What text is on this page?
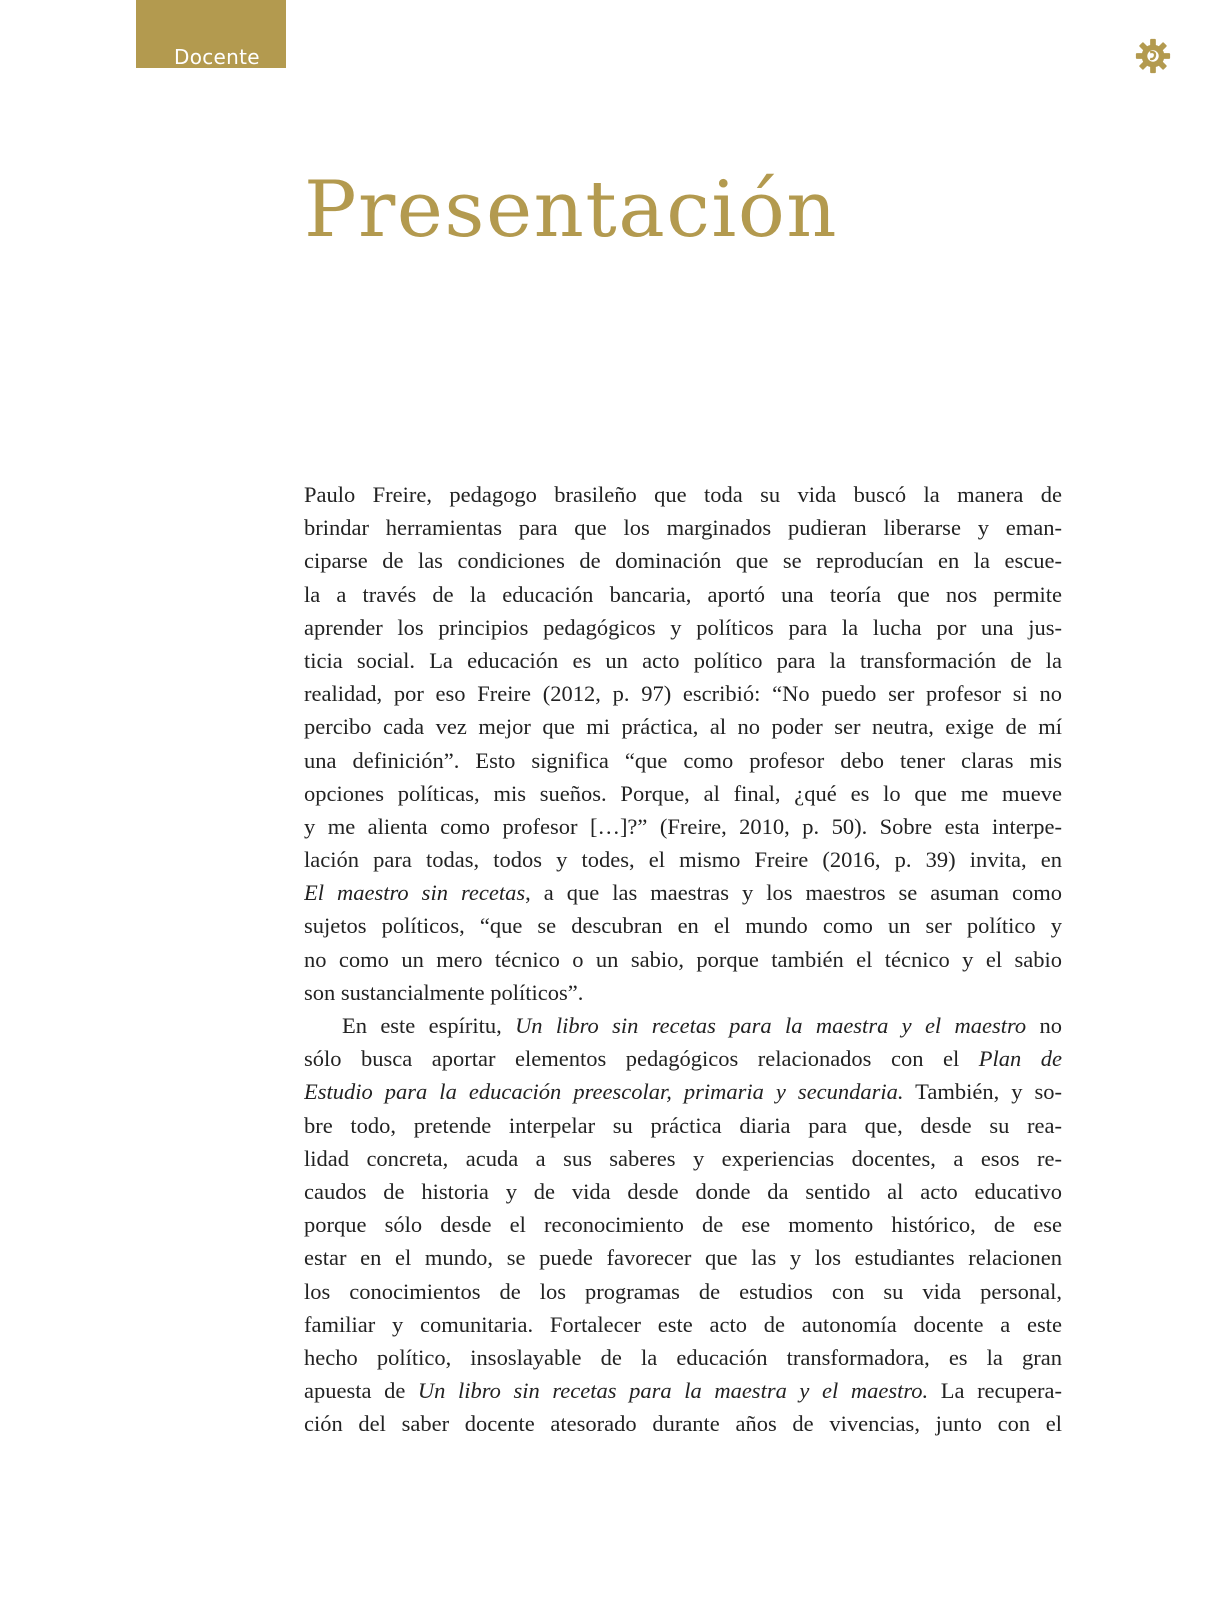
Docente
Presentación
Paulo Freire, pedagogo brasileño que toda su vida buscó la manera de
brindar herramientas para que los marginados pudieran liberarse y eman-
ciparse de las condiciones de dominación que se reproducían en la escue-
la a través de la educación bancaria, aportó una teoría que nos permite
aprender los principios pedagógicos y políticos para la lucha por una jus-
ticia social. La educación es un acto político para la transformación de la
realidad, por eso Freire (2012, p. 97) escribió: “No puedo ser profesor si no
percibo cada vez mejor que mi práctica, al no poder ser neutra, exige de mí
una definición”. Esto significa “que como profesor debo tener claras mis
opciones políticas, mis sueños. Porque, al final, ¿qué es lo que me mueve
y me alienta como profesor […]?” (Freire, 2010, p. 50). Sobre esta interpe-
lación para todas, todos y todes, el mismo Freire (2016, p. 39) invita, en
El maestro sin recetas, a que las maestras y los maestros se asuman como
sujetos políticos, “que se descubran en el mundo como un ser político y
no como un mero técnico o un sabio, porque también el técnico y el sabio
son sustancialmente políticos”.
En este espíritu, Un libro sin recetas para la maestra y el maestro no
sólo busca aportar elementos pedagógicos relacionados con el Plan de
Estudio para la educación preescolar, primaria y secundaria. También, y so-
bre todo, pretende interpelar su práctica diaria para que, desde su rea-
lidad concreta, acuda a sus saberes y experiencias docentes, a esos re-
caudos de historia y de vida desde donde da sentido al acto educativo
porque sólo desde el reconocimiento de ese momento histórico, de ese
estar en el mundo, se puede favorecer que las y los estudiantes relacionen
los conocimientos de los programas de estudios con su vida personal,
familiar y comunitaria. Fortalecer este acto de autonomía docente a este
hecho político, insoslayable de la educación transformadora, es la gran
apuesta de Un libro sin recetas para la maestra y el maestro. La recupera-
ción del saber docente atesorado durante años de vivencias, junto con el
